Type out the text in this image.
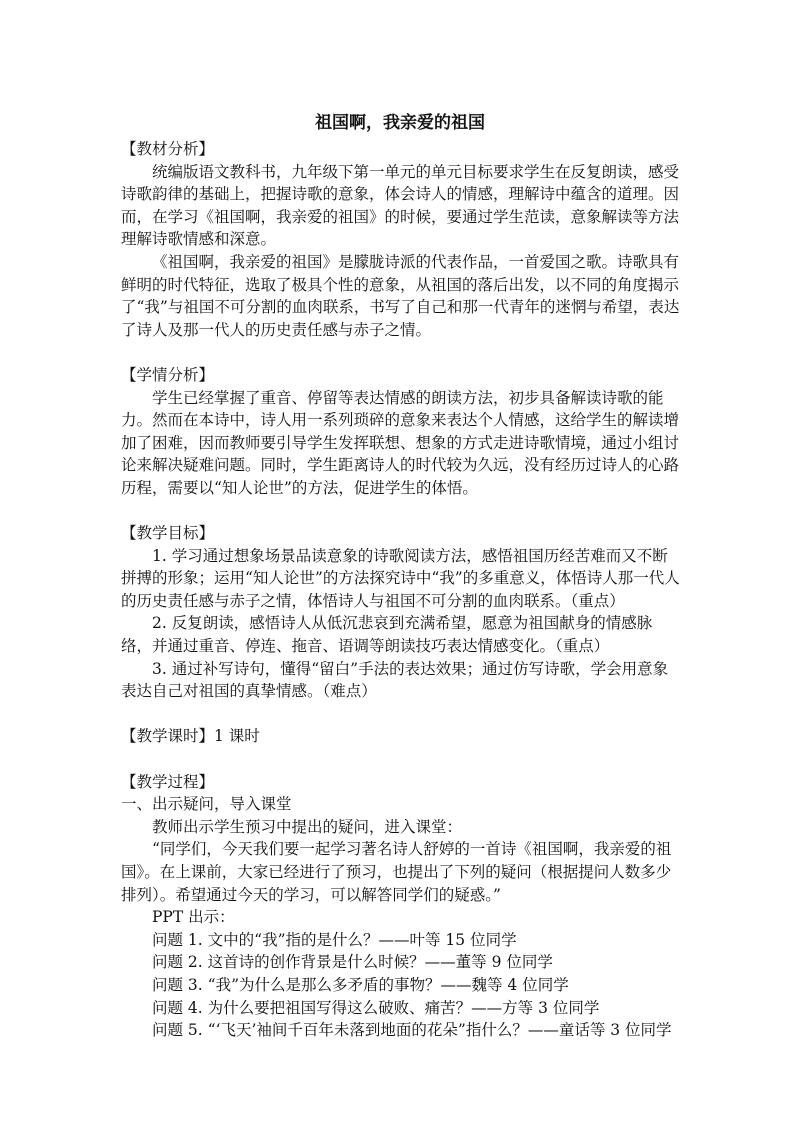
祖国啊，我亲爱的祖国

【教材分析】

统编版语文教科书，九年级下第一单元的单元目标要求学生在反复朗读，感受诗歌韵律的基础上，把握诗歌的意象，体会诗人的情感，理解诗中蕴含的道理。因而，在学习《祖国啊，我亲爱的祖国》的时候，要通过学生范读，意象解读等方法理解诗歌情感和深意。

《祖国啊，我亲爱的祖国》是朦胧诗派的代表作品，一首爱国之歌。诗歌具有鲜明的时代特征，选取了极具个性的意象，从祖国的落后出发，以不同的角度揭示了“我”与祖国不可分割的血肉联系，书写了自己和那一代青年的迷惘与希望，表达了诗人及那一代人的历史责任感与赤子之情。

【学情分析】

学生已经掌握了重音、停留等表达情感的朗读方法，初步具备解读诗歌的能力。然而在本诗中，诗人用一系列琐碎的意象来表达个人情感，这给学生的解读增加了困难，因而教师要引导学生发挥联想、想象的方式走进诗歌情境，通过小组讨论来解决疑难问题。同时，学生距离诗人的时代较为久远，没有经历过诗人的心路历程，需要以“知人论世”的方法，促进学生的体悟。

【教学目标】

1. 学习通过想象场景品读意象的诗歌阅读方法，感悟祖国历经苦难而又不断拼搏的形象；运用“知人论世”的方法探究诗中“我”的多重意义，体悟诗人那一代人的历史责任感与赤子之情，体悟诗人与祖国不可分割的血肉联系。（重点）

2. 反复朗读，感悟诗人从低沉悲哀到充满希望，愿意为祖国献身的情感脉络，并通过重音、停连、拖音、语调等朗读技巧表达情感变化。（重点）

3. 通过补写诗句，懂得“留白”手法的表达效果；通过仿写诗歌，学会用意象表达自己对祖国的真挚情感。（难点）

【教学课时】1 课时

【教学过程】

一、出示疑问，导入课堂

教师出示学生预习中提出的疑问，进入课堂：

“同学们，今天我们要一起学习著名诗人舒婷的一首诗《祖国啊，我亲爱的祖国》。在上课前，大家已经进行了预习，也提出了下列的疑问（根据提问人数多少排列）。希望通过今天的学习，可以解答同学们的疑惑。”

PPT 出示：

问题 1. 文中的“我”指的是什么？——叶等 15 位同学

问题 2. 这首诗的创作背景是什么时候？——董等 9 位同学

问题 3. “我”为什么是那么多矛盾的事物？——魏等 4 位同学

问题 4. 为什么要把祖国写得这么破败、痛苦？——方等 3 位同学

问题 5. “‘飞天’袖间千百年未落到地面的花朵”指什么？——童话等 3 位同学
